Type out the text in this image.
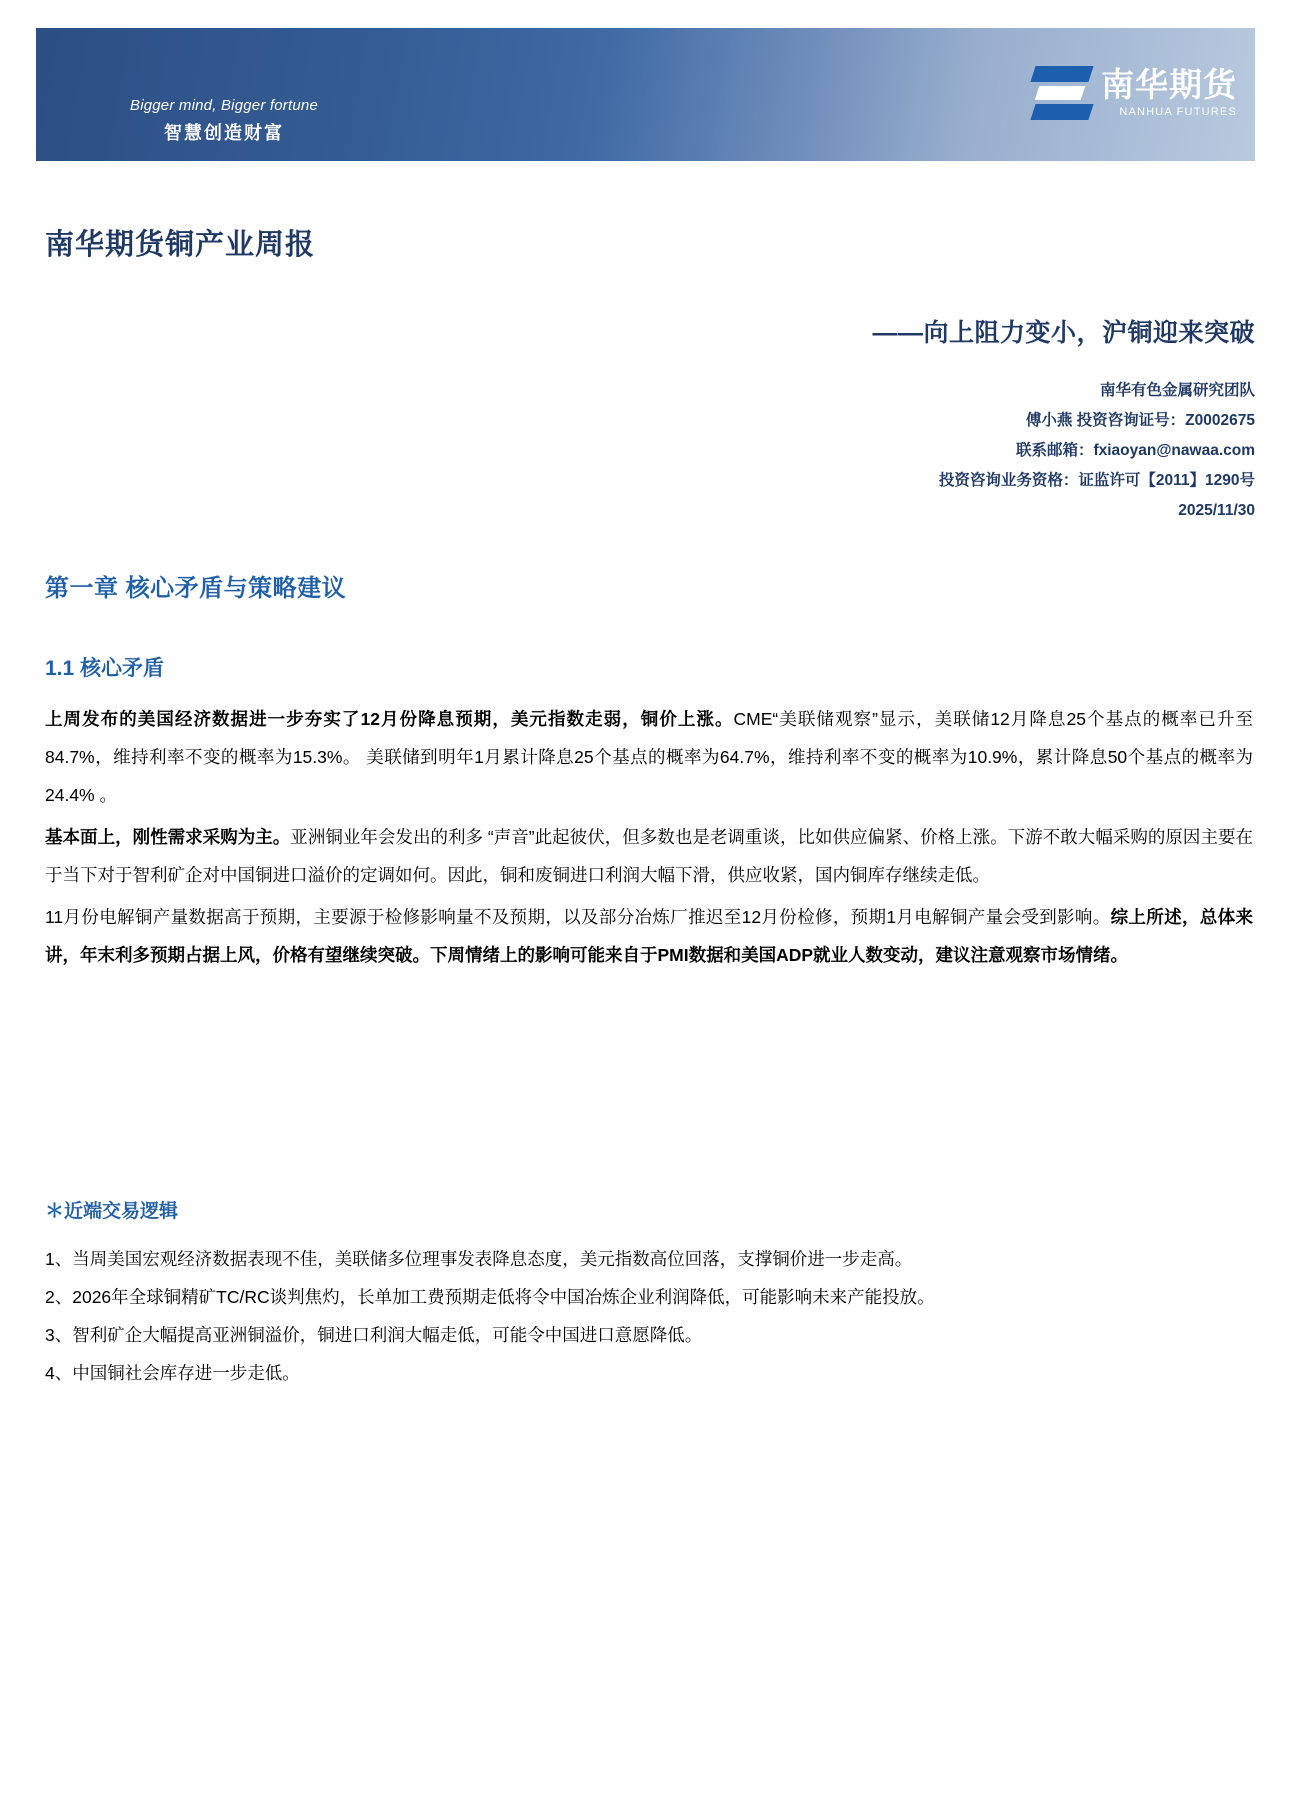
Bigger mind, Bigger fortune
智慧创造财富
南华期货
NANHUA FUTURES
南华期货铜产业周报
——向上阻力变小，沪铜迎来突破
南华有色金属研究团队
傅小燕 投资咨询证号：Z0002675
联系邮箱：fxiaoyan@nawaa.com
投资咨询业务资格：证监许可【2011】1290号
2025/11/30
第一章 核心矛盾与策略建议
1.1 核心矛盾

上周发布的美国经济数据进一步夯实了12月份降息预期，美元指数走弱，铜价上涨。CME“美联储观察”显示，美联储12月降息25个基点的概率已升至84.7%，维持利率不变的概率为15.3%。 美联储到明年1月累计降息25个基点的概率为64.7%，维持利率不变的概率为10.9%，累计降息50个基点的概率为24.4% 。

基本面上，刚性需求采购为主。亚洲铜业年会发出的利多 “声音”此起彼伏，但多数也是老调重谈，比如供应偏紧、价格上涨。下游不敢大幅采购的原因主要在于当下对于智利矿企对中国铜进口溢价的定调如何。因此，铜和废铜进口利润大幅下滑，供应收紧，国内铜库存继续走低。

11月份电解铜产量数据高于预期，主要源于检修影响量不及预期，以及部分冶炼厂推迟至12月份检修，预期1月电解铜产量会受到影响。综上所述，总体来讲，年末利多预期占据上风，价格有望继续突破。下周情绪上的影响可能来自于PMI数据和美国ADP就业人数变动，建议注意观察市场情绪。

＊近端交易逻辑

1、当周美国宏观经济数据表现不佳，美联储多位理事发表降息态度，美元指数高位回落，支撑铜价进一步走高。

2、2026年全球铜精矿TC/RC谈判焦灼，长单加工费预期走低将令中国冶炼企业利润降低，可能影响未来产能投放。

3、智利矿企大幅提高亚洲铜溢价，铜进口利润大幅走低，可能令中国进口意愿降低。

4、中国铜社会库存进一步走低。
